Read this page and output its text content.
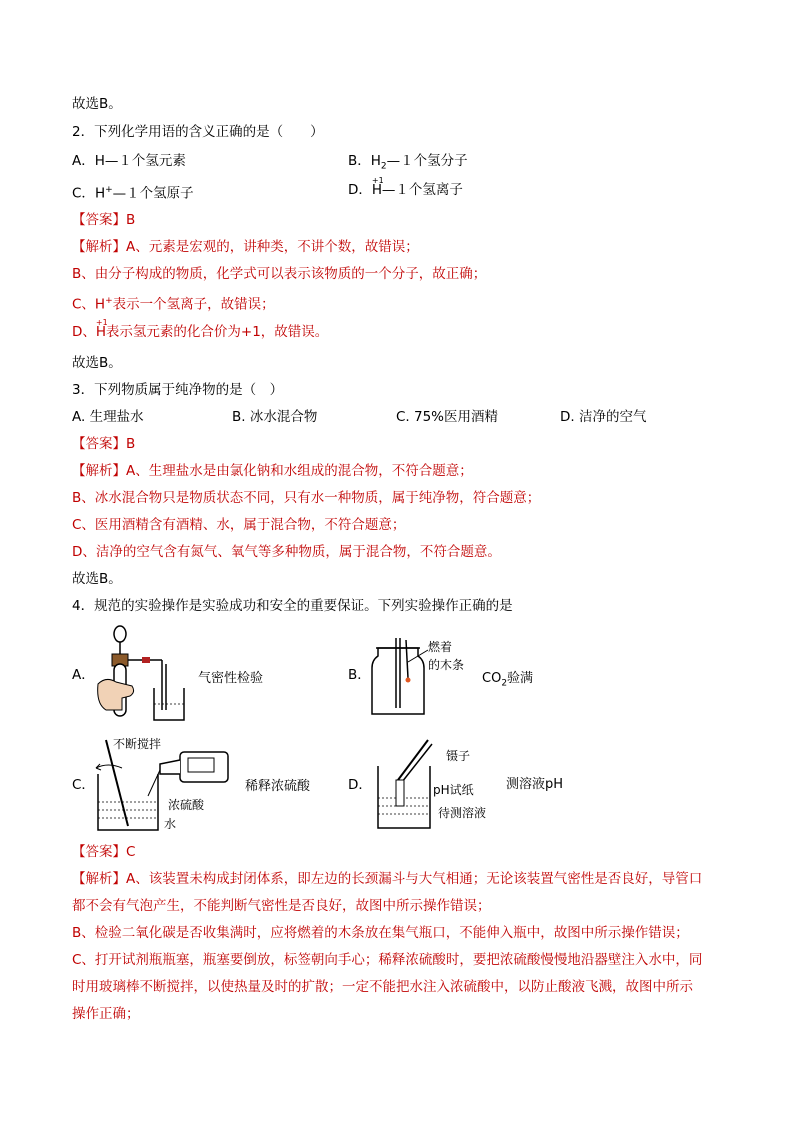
故选B。
2．下列化学用语的含义正确的是（　　）
A．H—１个氢元素	B．$H_2—1$个氢分子
C．H+—１个氢原子	D．
+1
H—１个氢离子
【答案】B
【解析】A、元素是宏观的，讲种类，不讲个数，故错误；
B、由分子构成的物质，化学式可以表示该物质的一个分子，故正确；
C、H+表示一个氢离子，故错误；
D、
+1
H表示氢元素的化合价为+1，故错误。
故选B。
3．下列物质属于纯净物的是（　）
A. 生理盐水	B. 冰水混合物	C. 75%医用酒精	D. 洁净的空气
【答案】B
【解析】A、生理盐水是由氯化钠和水组成的混合物，不符合题意；
B、冰水混合物只是物质状态不同，只有水一种物质，属于纯净物，符合题意；
C、医用酒精含有酒精、水，属于混合物，不符合题意；
D、洁净的空气含有氮气、氧气等多种物质，属于混合物，不符合题意。
故选B。
4．规范的实验操作是实验成功和安全的重要保证。下列实验操作正确的是
A．	气密性检验	B．
燃着
的木条
$CO_2$验满
C．
不断搅拌
浓硫酸
水
稀释浓硫酸	D．
镊子
pH试纸
待测溶液
测溶液pH
【答案】C
【解析】A、该装置未构成封闭体系，即左边的长颈漏斗与大气相通；无论该装置气密性是否良好，导管口
都不会有气泡产生，不能判断气密性是否良好，故图中所示操作错误；
B、检验二氧化碳是否收集满时，应将燃着的木条放在集气瓶口，不能伸入瓶中，故图中所示操作错误；
C、打开试剂瓶瓶塞，瓶塞要倒放，标签朝向手心；稀释浓硫酸时，要把浓硫酸慢慢地沿器壁注入水中，同
时用玻璃棒不断搅拌，以使热量及时的扩散；一定不能把水注入浓硫酸中，以防止酸液飞溅，故图中所示
操作正确；
